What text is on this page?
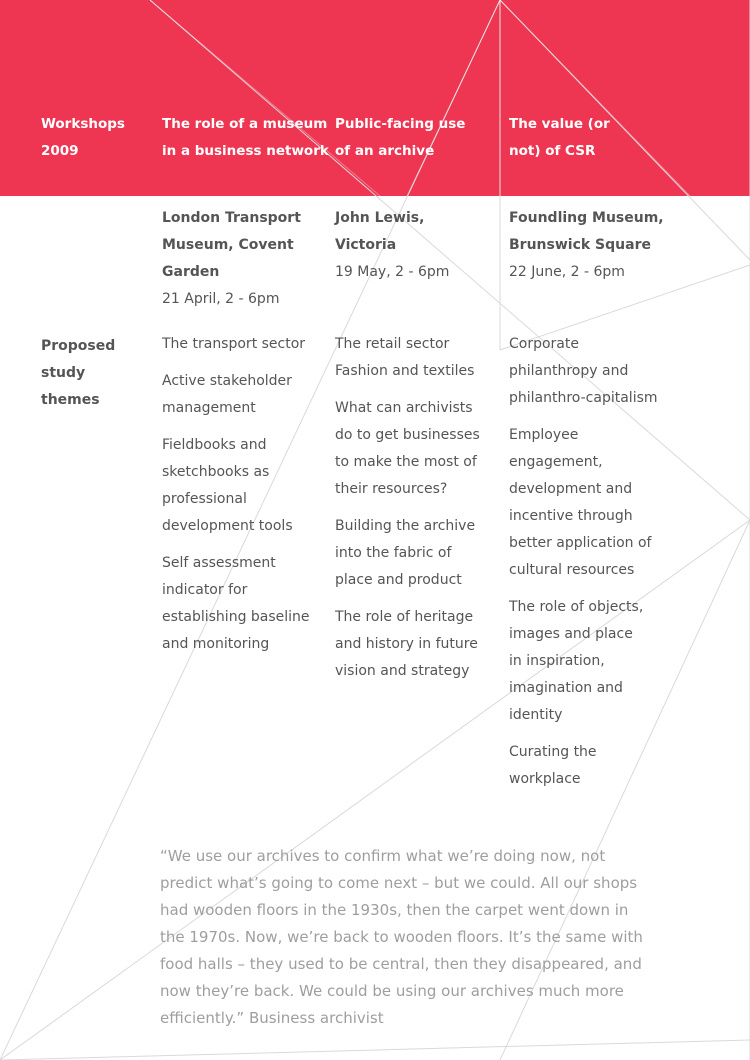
Workshops
2009
The role of a museum
in a business network
Public-facing use
of an archive
The value (or
not) of CSR
London Transport
Museum, Covent
Garden
21 April, 2 - 6pm
The transport sector
Active stakeholder
management
Fieldbooks and
sketchbooks as
professional
development tools
Self assessment
indicator for
establishing baseline
and monitoring
John Lewis,
Victoria
19 May, 2 - 6pm
The retail sector
Fashion and textiles
What can archivists
do to get businesses
to make the most of
their resources?
Building the archive
into the fabric of
place and product
The role of heritage
and history in future
vision and strategy
Foundling Museum,
Brunswick Square
22 June, 2 - 6pm
Corporate
philanthropy and
philanthro-capitalism
Employee
engagement,
development and
incentive through
better application of
cultural resources
The role of objects,
images and place
in inspiration,
imagination and
identity
Curating the
workplace
Proposed
study
themes

“We use our archives to confirm what we’re doing now, not
predict what’s going to come next – but we could. All our shops
had wooden floors in the 1930s, then the carpet went down in
the 1970s. Now, we’re back to wooden floors. It’s the same with
food halls – they used to be central, then they disappeared, and
now they’re back. We could be using our archives much more
efficiently.” Business archivist
